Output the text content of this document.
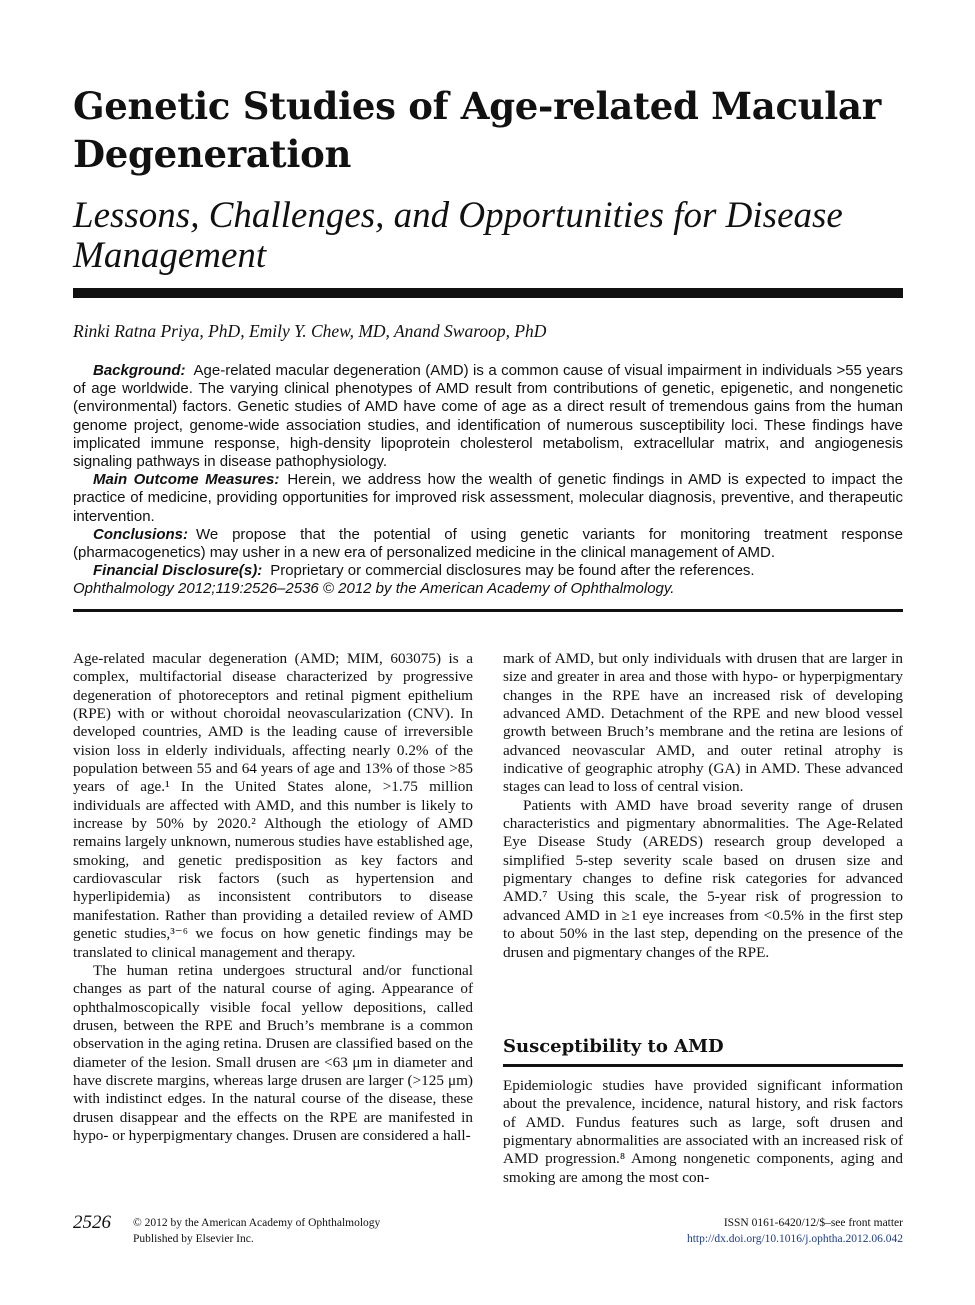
Genetic Studies of Age-related Macular Degeneration
Lessons, Challenges, and Opportunities for Disease Management
Rinki Ratna Priya, PhD, Emily Y. Chew, MD, Anand Swaroop, PhD

Background: Age-related macular degeneration (AMD) is a common cause of visual impairment in individuals >55 years of age worldwide. The varying clinical phenotypes of AMD result from contributions of genetic, epigenetic, and nongenetic (environmental) factors. Genetic studies of AMD have come of age as a direct result of tremendous gains from the human genome project, genome-wide association studies, and identification of numerous susceptibility loci. These findings have implicated immune response, high-density lipoprotein cholesterol metabolism, extracellular matrix, and angiogenesis signaling pathways in disease pathophysiology.

Main Outcome Measures: Herein, we address how the wealth of genetic findings in AMD is expected to impact the practice of medicine, providing opportunities for improved risk assessment, molecular diagnosis, preventive, and therapeutic intervention.

Conclusions: We propose that the potential of using genetic variants for monitoring treatment response (pharmacogenetics) may usher in a new era of personalized medicine in the clinical management of AMD.

Financial Disclosure(s): Proprietary or commercial disclosures may be found after the references.

Ophthalmology 2012;119:2526–2536 © 2012 by the American Academy of Ophthalmology.

Age-related macular degeneration (AMD; MIM, 603075) is a complex, multifactorial disease characterized by progressive degeneration of photoreceptors and retinal pigment epithelium (RPE) with or without choroidal neovascularization (CNV). In developed countries, AMD is the leading cause of irreversible vision loss in elderly individuals, affecting nearly 0.2% of the population between 55 and 64 years of age and 13% of those >85 years of age.¹ In the United States alone, >1.75 million individuals are affected with AMD, and this number is likely to increase by 50% by 2020.² Although the etiology of AMD remains largely unknown, numerous studies have established age, smoking, and genetic predisposition as key factors and cardiovascular risk factors (such as hypertension and hyperlipidemia) as inconsistent contributors to disease manifestation. Rather than providing a detailed review of AMD genetic studies,³⁻⁶ we focus on how genetic findings may be translated to clinical management and therapy.

The human retina undergoes structural and/or functional changes as part of the natural course of aging. Appearance of ophthalmoscopically visible focal yellow depositions, called drusen, between the RPE and Bruch’s membrane is a common observation in the aging retina. Drusen are classified based on the diameter of the lesion. Small drusen are <63 μm in diameter and have discrete margins, whereas large drusen are larger (>125 μm) with indistinct edges. In the natural course of the disease, these drusen disappear and the effects on the RPE are manifested in hypo- or hyperpigmentary changes. Drusen are considered a hall-

mark of AMD, but only individuals with drusen that are larger in size and greater in area and those with hypo- or hyperpigmentary changes in the RPE have an increased risk of developing advanced AMD. Detachment of the RPE and new blood vessel growth between Bruch’s membrane and the retina are lesions of advanced neovascular AMD, and outer retinal atrophy is indicative of geographic atrophy (GA) in AMD. These advanced stages can lead to loss of central vision.

Patients with AMD have broad severity range of drusen characteristics and pigmentary abnormalities. The Age-Related Eye Disease Study (AREDS) research group developed a simplified 5-step severity scale based on drusen size and pigmentary changes to define risk categories for advanced AMD.⁷ Using this scale, the 5-year risk of progression to advanced AMD in ≥1 eye increases from <0.5% in the first step to about 50% in the last step, depending on the presence of the drusen and pigmentary changes of the RPE.

Susceptibility to AMD

Epidemiologic studies have provided significant information about the prevalence, incidence, natural history, and risk factors of AMD. Fundus features such as large, soft drusen and pigmentary abnormalities are associated with an increased risk of AMD progression.⁸ Among nongenetic components, aging and smoking are among the most con-

2526 © 2012 by the American Academy of Ophthalmology
Published by Elsevier Inc.
ISSN 0161-6420/12/$–see front matter
http://dx.doi.org/10.1016/j.ophtha.2012.06.042
